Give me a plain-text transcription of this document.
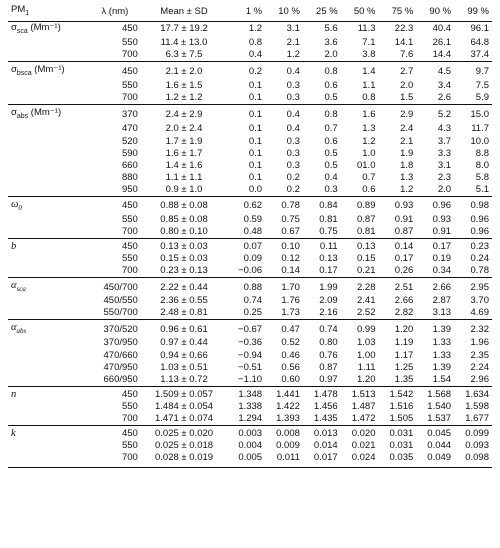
$PM_1$	λ (nm)	Mean ± SD	1 %	10 %	25 %	50 %	75 %	90 %	99 %
$\sigma_{sca}$ (Mm⁻¹)	450	17.7 ± 19.2	1.2	3.1	5.6	11.3	22.3	40.4	96.1
	550	11.4 ± 13.0	0.8	2.1	3.6	7.1	14.1	26.1	64.8
	700	6.3 ± 7.5	0.4	1.2	2.0	3.8	7.6	14.4	37.4
$\sigma_{bsca}$ (Mm⁻¹)	450	2.1 ± 2.0	0.2	0.4	0.8	1.4	2.7	4.5	9.7
	550	1.6 ± 1.5	0.1	0.3	0.6	1.1	2.0	3.4	7.5
	700	1.2 ± 1.2	0.1	0.3	0.5	0.8	1.5	2.6	5.9
$\sigma_{abs}$ (Mm⁻¹)	370	2.4 ± 2.9	0.1	0.4	0.8	1.6	2.9	5.2	15.0
	470	2.0 ± 2.4	0.1	0.4	0.7	1.3	2.4	4.3	11.7
	520	1.7 ± 1.9	0.1	0.3	0.6	1.2	2.1	3.7	10.0
	590	1.6 ± 1.7	0.1	0.3	0.5	1.0	1.9	3.3	8.8
	660	1.4 ± 1.6	0.1	0.3	0.5	01.0	1.8	3.1	8.0
	880	1.1 ± 1.1	0.1	0.2	0.4	0.7	1.3	2.3	5.8
	950	0.9 ± 1.0	0.0	0.2	0.3	0.6	1.2	2.0	5.1
$\omega_0$	450	0.88 ± 0.08	0.62	0.78	0.84	0.89	0.93	0.96	0.98
	550	0.85 ± 0.08	0.59	0.75	0.81	0.87	0.91	0.93	0.96
	700	0.80 ± 0.10	0.48	0.67	0.75	0.81	0.87	0.91	0.96
b	450	0.13 ± 0.03	0.07	0.10	0.11	0.13	0.14	0.17	0.23
	550	0.15 ± 0.03	0.09	0.12	0.13	0.15	0.17	0.19	0.24
	700	0.23 ± 0.13	−0.06	0.14	0.17	0.21	0.26	0.34	0.78
$\alpha_{sca}$	450/700	2.22 ± 0.44	0.88	1.70	1.99	2.28	2.51	2.66	2.95
	450/550	2.36 ± 0.55	0.74	1.76	2.09	2.41	2.66	2.87	3.70
	550/700	2.48 ± 0.81	0.25	1.73	2.16	2.52	2.82	3.13	4.69
$\alpha_{abs}$	370/520	0.96 ± 0.61	−0.67	0.47	0.74	0.99	1.20	1.39	2.32
	370/950	0.97 ± 0.44	−0.36	0.52	0.80	1.03	1.19	1.33	1.96
	470/660	0.94 ± 0.66	−0.94	0.46	0.76	1.00	1.17	1.33	2.35
	470/950	1.03 ± 0.51	−0.51	0.56	0.87	1.11	1.25	1.39	2.24
	660/950	1.13 ± 0.72	−1.10	0.60	0.97	1.20	1.35	1.54	2.96
n	450	1.509 ± 0.057	1.348	1.441	1.478	1.513	1.542	1.568	1.634
	550	1.484 ± 0.054	1.338	1.422	1.456	1.487	1.516	1.540	1.598
	700	1.471 ± 0.074	1.294	1.393	1.435	1.472	1.505	1.537	1.677
k	450	0.025 ± 0.020	0.003	0.008	0.013	0.020	0.031	0.045	0.099
	550	0.025 ± 0.018	0.004	0.009	0.014	0.021	0.031	0.044	0.093
	700	0.028 ± 0.019	0.005	0.011	0.017	0.024	0.035	0.049	0.098
